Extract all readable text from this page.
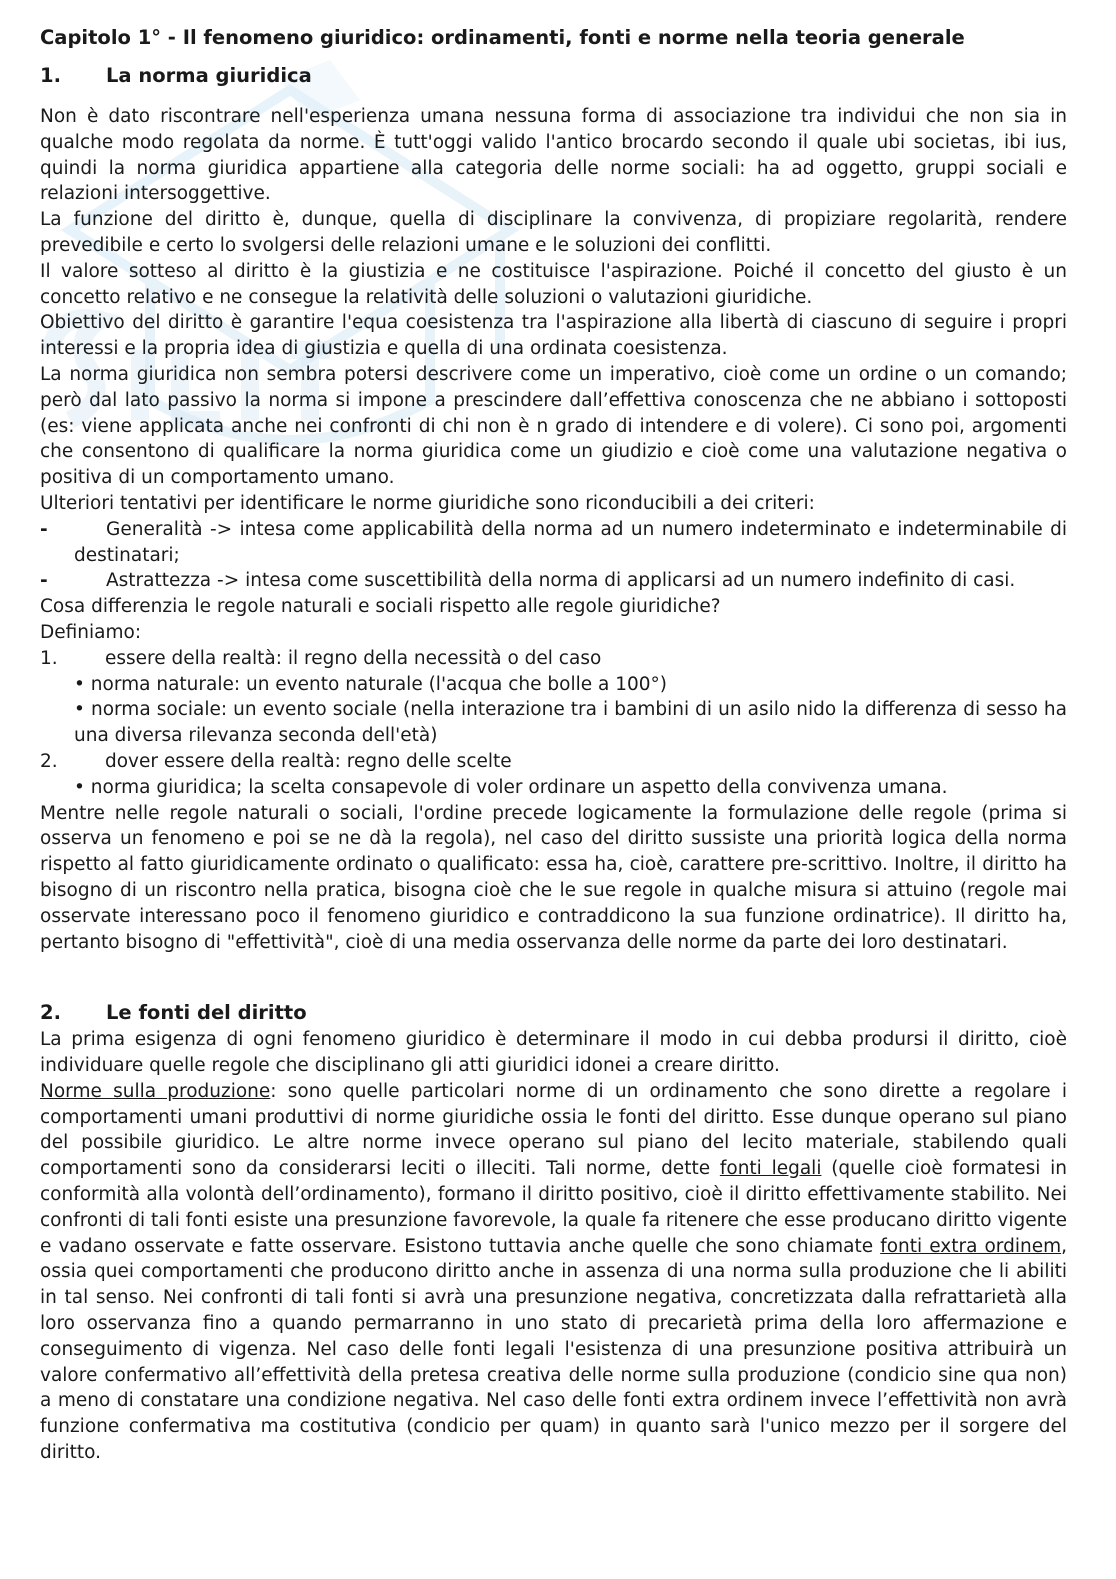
Capitolo 1° - Il fenomeno giuridico: ordinamenti, fonti e norme nella teoria generale
1. La norma giuridica

Non è dato riscontrare nell'esperienza umana nessuna forma di associazione tra individui che non sia in qualche modo regolata da norme. È tutt'oggi valido l'antico brocardo secondo il quale ubi societas, ibi ius, quindi la norma giuridica appartiene alla categoria delle norme sociali: ha ad oggetto, gruppi sociali e relazioni intersoggettive.

La funzione del diritto è, dunque, quella di disciplinare la convivenza, di propiziare regolarità, rendere prevedibile e certo lo svolgersi delle relazioni umane e le soluzioni dei conflitti.

Il valore sotteso al diritto è la giustizia e ne costituisce l'aspirazione. Poiché il concetto del giusto è un concetto relativo e ne consegue la relatività delle soluzioni o valutazioni giuridiche.

Obiettivo del diritto è garantire l'equa coesistenza tra l'aspirazione alla libertà di ciascuno di seguire i propri interessi e la propria idea di giustizia e quella di una ordinata coesistenza.

La norma giuridica non sembra potersi descrivere come un imperativo, cioè come un ordine o un comando; però dal lato passivo la norma si impone a prescindere dall’effettiva conoscenza che ne abbiano i sottoposti (es: viene applicata anche nei confronti di chi non è n grado di intendere e di volere). Ci sono poi, argomenti che consentono di qualificare la norma giuridica come un giudizio e cioè come una valutazione negativa o positiva di un comportamento umano.

Ulteriori tentativi per identificare le norme giuridiche sono riconducibili a dei criteri:

-	Generalità -> intesa come applicabilità della norma ad un numero indeterminato e indeterminabile di destinatari;

-	Astrattezza -> intesa come suscettibilità della norma di applicarsi ad un numero indefinito di casi.

Cosa differenzia le regole naturali e sociali rispetto alle regole giuridiche?

Definiamo:

1.	essere della realtà: il regno della necessità o del caso

• norma naturale: un evento naturale (l'acqua che bolle a 100°)

• norma sociale: un evento sociale (nella interazione tra i bambini di un asilo nido la differenza di sesso ha una diversa rilevanza seconda dell'età)

2.	dover essere della realtà: regno delle scelte

• norma giuridica; la scelta consapevole di voler ordinare un aspetto della convivenza umana.

Mentre nelle regole naturali o sociali, l'ordine precede logicamente la formulazione delle regole (prima si osserva un fenomeno e poi se ne dà la regola), nel caso del diritto sussiste una priorità logica della norma rispetto al fatto giuridicamente ordinato o qualificato: essa ha, cioè, carattere pre-scrittivo. Inoltre, il diritto ha bisogno di un riscontro nella pratica, bisogna cioè che le sue regole in qualche misura si attuino (regole mai osservate interessano poco il fenomeno giuridico e contraddicono la sua funzione ordinatrice). Il diritto ha, pertanto bisogno di "effettività", cioè di una media osservanza delle norme da parte dei loro destinatari.

2. Le fonti del diritto

La prima esigenza di ogni fenomeno giuridico è determinare il modo in cui debba prodursi il diritto, cioè individuare quelle regole che disciplinano gli atti giuridici idonei a creare diritto.

Norme sulla produzione: sono quelle particolari norme di un ordinamento che sono dirette a regolare i comportamenti umani produttivi di norme giuridiche ossia le fonti del diritto. Esse dunque operano sul piano del possibile giuridico. Le altre norme invece operano sul piano del lecito materiale, stabilendo quali comportamenti sono da considerarsi leciti o illeciti. Tali norme, dette fonti legali (quelle cioè formatesi in conformità alla volontà dell’ordinamento), formano il diritto positivo, cioè il diritto effettivamente stabilito. Nei confronti di tali fonti esiste una presunzione favorevole, la quale fa ritenere che esse producano diritto vigente e vadano osservate e fatte osservare. Esistono tuttavia anche quelle che sono chiamate fonti extra ordinem, ossia quei comportamenti che producono diritto anche in assenza di una norma sulla produzione che li abiliti in tal senso. Nei confronti di tali fonti si avrà una presunzione negativa, concretizzata dalla refrattarietà alla loro osservanza fino a quando permarranno in uno stato di precarietà prima della loro affermazione e conseguimento di vigenza. Nel caso delle fonti legali l'esistenza di una presunzione positiva attribuirà un valore confermativo all’effettività della pretesa creativa delle norme sulla produzione (condicio sine qua non) a meno di constatare una condizione negativa. Nel caso delle fonti extra ordinem invece l’effettività non avrà funzione confermativa ma costitutiva (condicio per quam) in quanto sarà l'unico mezzo per il sorgere del diritto.
